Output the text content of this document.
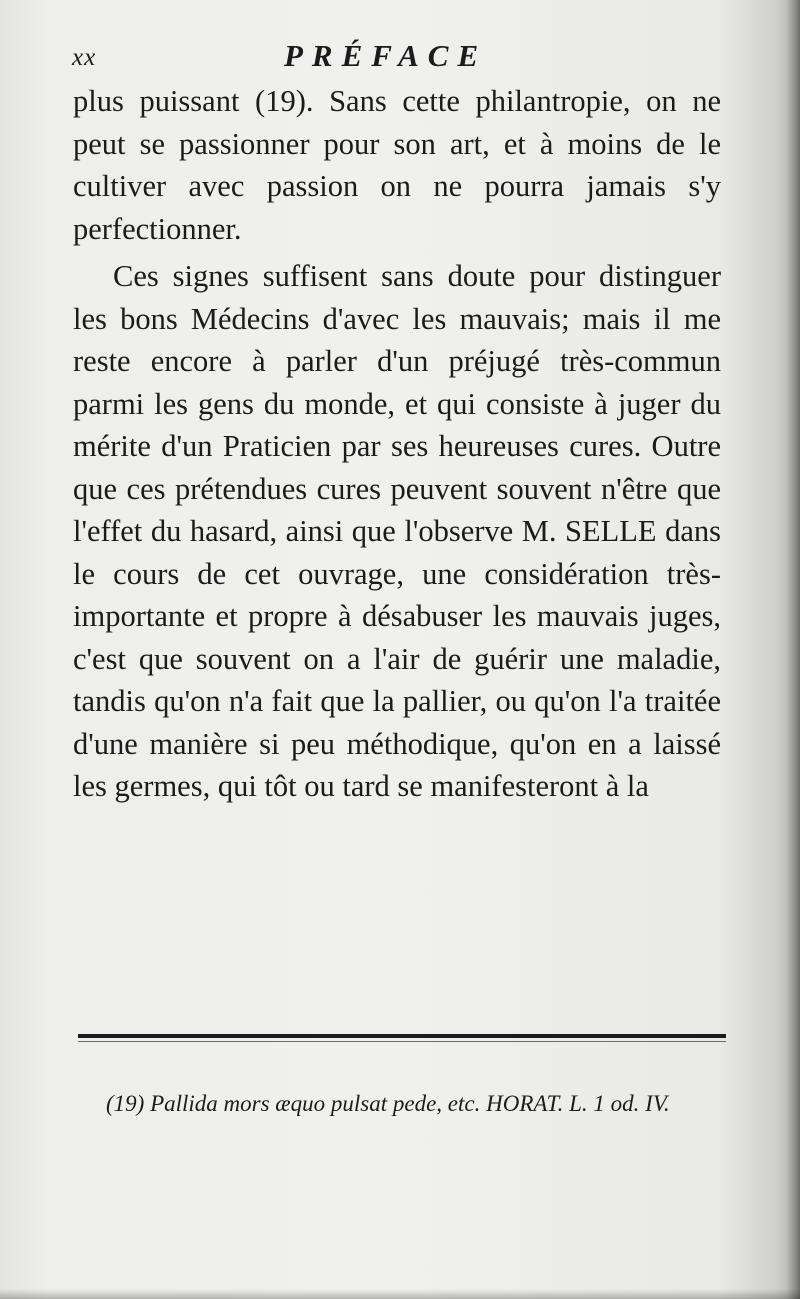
xx	PRÉFACE

plus puissant (19). Sans cette philantropie, on ne peut se passionner pour son art, et à moins de le cultiver avec passion on ne pourra jamais s'y perfectionner.

Ces signes suffisent sans doute pour distinguer les bons Médecins d'avec les mauvais; mais il me reste encore à parler d'un préjugé très-commun parmi les gens du monde, et qui consiste à juger du mérite d'un Praticien par ses heureuses cures. Outre que ces prétendues cures peuvent souvent n'être que l'effet du hasard, ainsi que l'observe M. SELLE dans le cours de cet ouvrage, une considération très-importante et propre à désabuser les mauvais juges, c'est que souvent on a l'air de guérir une maladie, tandis qu'on n'a fait que la pallier, ou qu'on l'a traitée d'une manière si peu méthodique, qu'on en a laissé les germes, qui tôt ou tard se manifesteront à la

(19) Pallida mors æquo pulsat pede, etc. HORAT. L. 1 od. IV.
